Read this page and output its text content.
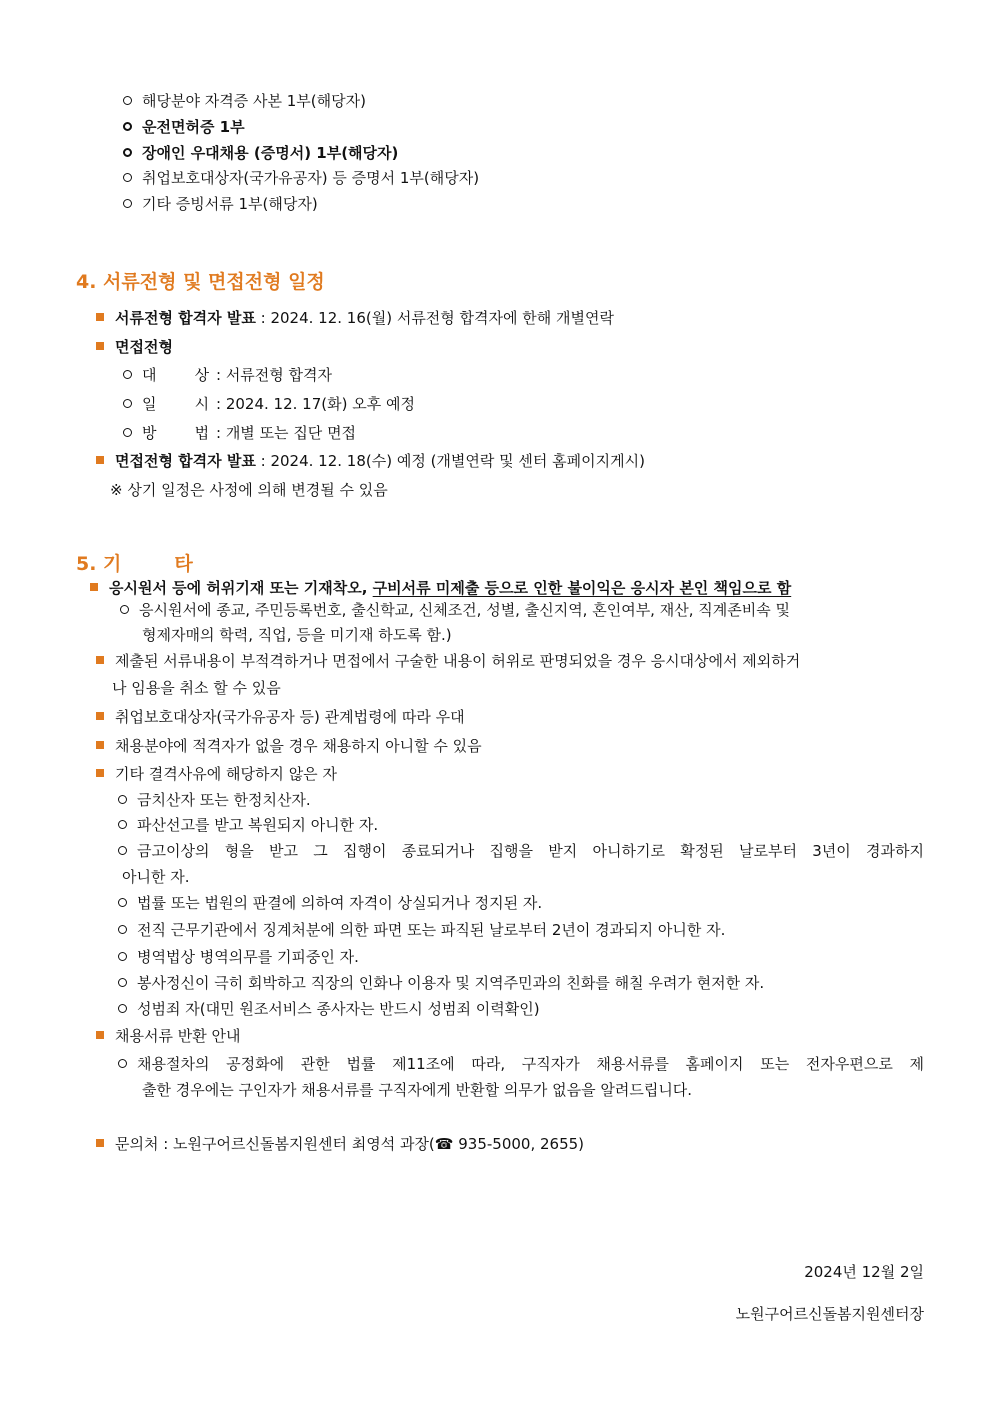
해당분야 자격증 사본 1부(해당자)
운전면허증 1부
장애인 우대채용 (증명서) 1부(해당자)
취업보호대상자(국가유공자) 등 증명서 1부(해당자)
기타 증빙서류 1부(해당자)
4. 서류전형 및 면접전형 일정
서류전형 합격자 발표 : 2024. 12. 16(월) 서류전형 합격자에 한해 개별연락
면접전형
대        상 : 서류전형 합격자
일        시 : 2024. 12. 17(화) 오후 예정
방        법 : 개별 또는 집단 면접
면접전형 합격자 발표 : 2024. 12. 18(수) 예정 (개별연락 및 센터 홈페이지게시)
※ 상기 일정은 사정에 의해 변경될 수 있음
5. 기        타
응시원서 등에 허위기재 또는 기재착오, 구비서류 미제출 등으로 인한 불이익은 응시자 본인 책임으로 함
응시원서에 종교, 주민등록번호, 출신학교, 신체조건, 성별, 출신지역, 혼인여부, 재산, 직계존비속 및
형제자매의 학력, 직업, 등을 미기재 하도록 함.)
제출된 서류내용이 부적격하거나 면접에서 구술한 내용이 허위로 판명되었을 경우 응시대상에서 제외하거
나 임용을 취소 할 수 있음
취업보호대상자(국가유공자 등) 관계법령에 따라 우대
채용분야에 적격자가 없을 경우 채용하지 아니할 수 있음
기타 결격사유에 해당하지 않은 자
금치산자 또는 한정치산자.
파산선고를 받고 복원되지 아니한 자.
금고이상의 형을 받고 그 집행이 종료되거나 집행을 받지 아니하기로 확정된 날로부터 3년이 경과하지
아니한 자.
법률 또는 법원의 판결에 의하여 자격이 상실되거나 정지된 자.
전직 근무기관에서 징계처분에 의한 파면 또는 파직된 날로부터 2년이 경과되지 아니한 자.
병역법상 병역의무를 기피중인 자.
봉사정신이 극히 회박하고 직장의 인화나 이용자 및 지역주민과의 친화를 해칠 우려가 현저한 자.
성범죄 자(대민 원조서비스 종사자는 반드시 성범죄 이력확인)
채용서류 반환 안내
채용절차의 공정화에 관한 법률 제11조에 따라, 구직자가 채용서류를 홈페이지 또는 전자우편으로 제
출한 경우에는 구인자가 채용서류를 구직자에게 반환할 의무가 없음을 알려드립니다.
문의처 : 노원구어르신돌봄지원센터 최영석 과장(☎ 935-5000, 2655)
2024년 12월 2일
노원구어르신돌봄지원센터장
